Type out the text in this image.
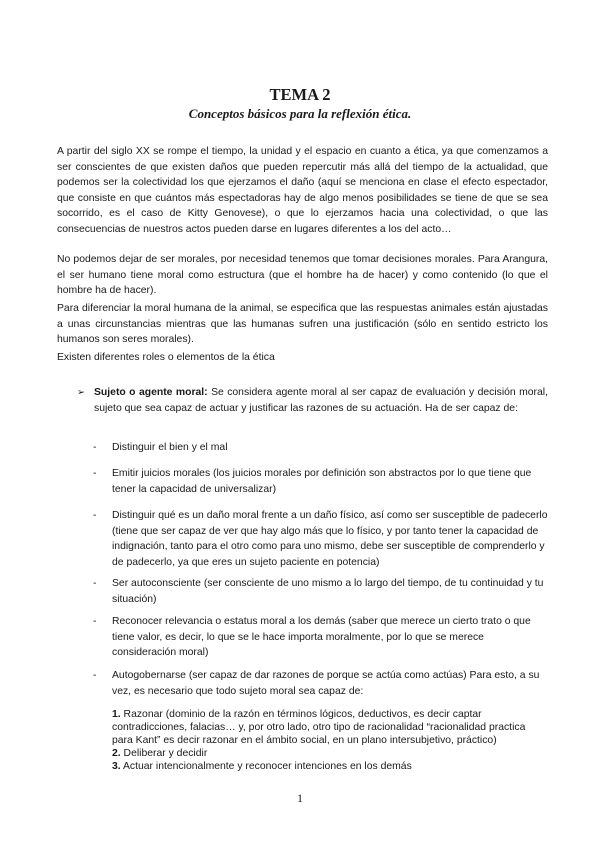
TEMA 2
Conceptos básicos para la reflexión ética.

A partir del siglo XX se rompe el tiempo, la unidad y el espacio en cuanto a ética, ya que comenzamos a ser conscientes de que existen daños que pueden repercutir más allá del tiempo de la actualidad, que podemos ser la colectividad los que ejerzamos el daño (aquí se menciona en clase el efecto espectador, que consiste en que cuántos más espectadoras hay de algo menos posibilidades se tiene de que se sea socorrido, es el caso de Kitty Genovese), o que lo ejerzamos hacia una colectividad, o que las consecuencias de nuestros actos pueden darse en lugares diferentes a los del acto…

No podemos dejar de ser morales, por necesidad tenemos que tomar decisiones morales. Para Arangura, el ser humano tiene moral como estructura (que el hombre ha de hacer) y como contenido (lo que el hombre ha de hacer).

Para diferenciar la moral humana de la animal, se especifica que las respuestas animales están ajustadas a unas circunstancias mientras que las humanas sufren una justificación (sólo en sentido estricto los humanos son seres morales).

Existen diferentes roles o elementos de la ética

➢ Sujeto o agente moral: Se considera agente moral al ser capaz de evaluación y decisión moral, sujeto que sea capaz de actuar y justificar las razones de su actuación. Ha de ser capaz de:
- Distinguir el bien y el mal
- Emitir juicios morales (los juicios morales por definición son abstractos por lo que tiene que tener la capacidad de universalizar)
- Distinguir qué es un daño moral frente a un daño físico, así como ser susceptible de padecerlo (tiene que ser capaz de ver que hay algo más que lo físico, y por tanto tener la capacidad de indignación, tanto para el otro como para uno mismo, debe ser susceptible de comprenderlo y de padecerlo, ya que eres un sujeto paciente en potencia)
- Ser autoconsciente (ser consciente de uno mismo a lo largo del tiempo, de tu continuidad y tu situación)
- Reconocer relevancia o estatus moral a los demás (saber que merece un cierto trato o que tiene valor, es decir, lo que se le hace importa moralmente, por lo que se merece consideración moral)
- Autogobernarse (ser capaz de dar razones de porque se actúa como actúas) Para esto, a su vez, es necesario que todo sujeto moral sea capaz de:
1. Razonar (dominio de la razón en términos lógicos, deductivos, es decir captar contradicciones, falacias… y, por otro lado, otro tipo de racionalidad “racionalidad practica para Kant” es decir razonar en el ámbito social, en un plano intersubjetivo, práctico)
2. Deliberar y decidir
3. Actuar intencionalmente y reconocer intenciones en los demás
1
